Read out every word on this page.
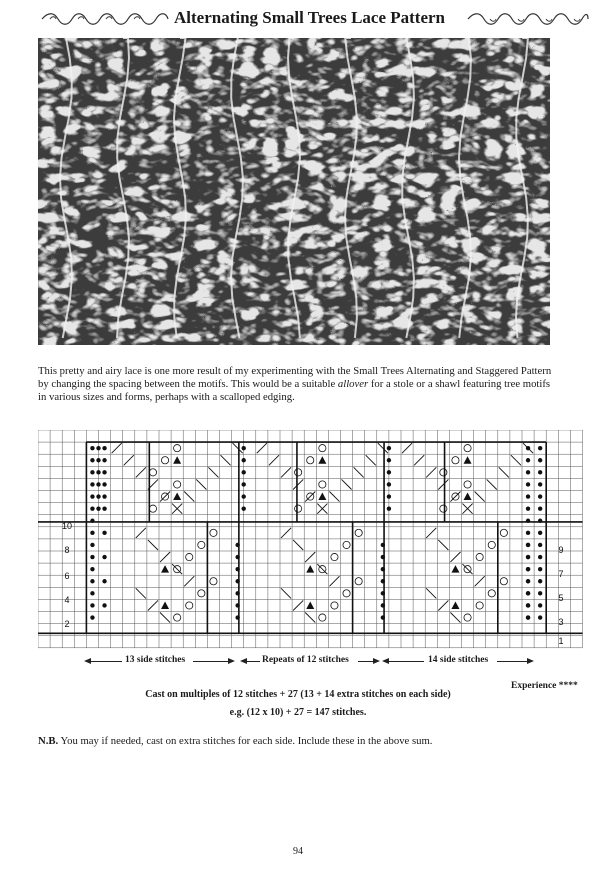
Alternating Small Trees Lace Pattern

This pretty and airy lace is one more result of my experimenting with the Small Trees Alternating and Staggered Pattern by changing the spacing between the motifs. This would be a suitable allover for a stole or a shawl featuring tree motifs in various sizes and forms, perhaps with a scalloped edging.

10
8
6
4
2
9
7
5
3
1
13 side stitches	Repeats of 12 stitches	14 side stitches
Experience ****
Cast on multiples of 12 stitches + 27 (13 + 14 extra stitches on each side)
e.g. (12 x 10) + 27 = 147 stitches.
N.B. You may if needed, cast on extra stitches for each side. Include these in the above sum.
94
